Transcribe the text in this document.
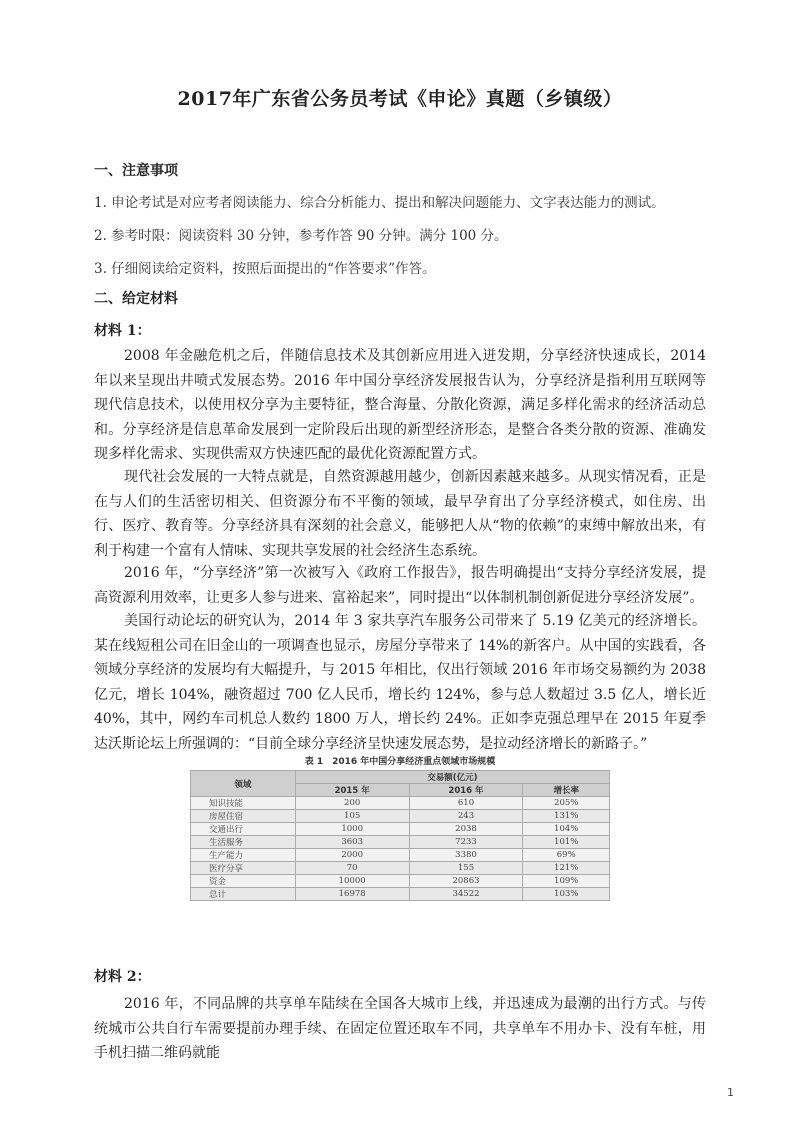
2017年广东省公务员考试《申论》真题（乡镇级）
一、注意事项
1. 申论考试是对应考者阅读能力、综合分析能力、提出和解决问题能力、文字表达能力的测试。
2. 参考时限：阅读资料 30 分钟，参考作答 90 分钟。满分 100 分。
3. 仔细阅读给定资料，按照后面提出的“作答要求”作答。
二、给定材料
材料 1：

2008 年金融危机之后，伴随信息技术及其创新应用进入迸发期，分享经济快速成长，2014 年以来呈现出井喷式发展态势。2016 年中国分享经济发展报告认为，分享经济是指利用互联网等现代信息技术，以使用权分享为主要特征，整合海量、分散化资源，满足多样化需求的经济活动总和。分享经济是信息革命发展到一定阶段后出现的新型经济形态，是整合各类分散的资源、准确发现多样化需求、实现供需双方快速匹配的最优化资源配置方式。

现代社会发展的一大特点就是，自然资源越用越少，创新因素越来越多。从现实情况看，正是在与人们的生活密切相关、但资源分布不平衡的领域，最早孕育出了分享经济模式，如住房、出行、医疗、教育等。分享经济具有深刻的社会意义，能够把人从“物的依赖”的束缚中解放出来，有利于构建一个富有人情味、实现共享发展的社会经济生态系统。

2016 年，“分享经济”第一次被写入《政府工作报告》，报告明确提出“支持分享经济发展，提高资源利用效率，让更多人参与进来、富裕起来”，同时提出“以体制机制创新促进分享经济发展”。

美国行动论坛的研究认为，2014 年 3 家共享汽车服务公司带来了 5.19 亿美元的经济增长。某在线短租公司在旧金山的一项调查也显示，房屋分享带来了 14%的新客户。从中国的实践看，各领域分享经济的发展均有大幅提升，与 2015 年相比，仅出行领域 2016 年市场交易额约为 2038 亿元，增长 104%，融资超过 700 亿人民币，增长约 124%，参与总人数超过 3.5 亿人，增长近 40%，其中，网约车司机总人数约 1800 万人，增长约 24%。正如李克强总理早在 2015 年夏季达沃斯论坛上所强调的：“目前全球分享经济呈快速发展态势，是拉动经济增长的新路子。”

表 1　2016 年中国分享经济重点领域市场规模
领域	交易额(亿元)		
	2015 年	2016 年	增长率
知识技能	200	610	205%
房屋住宿	105	243	131%
交通出行	1000	2038	104%
生活服务	3603	7233	101%
生产能力	2000	3380	69%
医疗分享	70	155	121%
资金	10000	20863	109%
总计	16978	34522	103%
材料 2：

2016 年，不同品牌的共享单车陆续在全国各大城市上线，并迅速成为最潮的出行方式。与传统城市公共自行车需要提前办理手续、在固定位置还取车不同，共享单车不用办卡、没有车桩，用手机扫描二维码就能

1
